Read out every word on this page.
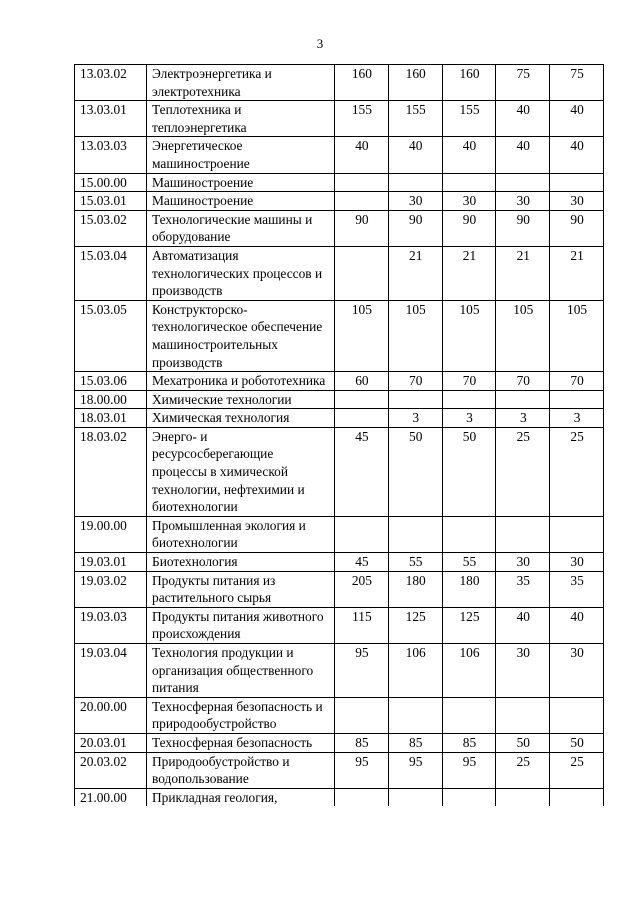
3
13.03.02	Электроэнергетика и электротехника	160	160	160	75	75
13.03.01	Теплотехника и теплоэнергетика	155	155	155	40	40
13.03.03	Энергетическое машиностроение	40	40	40	40	40
15.00.00	Машиностроение					
15.03.01	Машиностроение		30	30	30	30
15.03.02	Технологические машины и оборудование	90	90	90	90	90
15.03.04	Автоматизация технологических процессов и производств		21	21	21	21
15.03.05	Конструкторско-технологическое обеспечение машиностроительных производств	105	105	105	105	105
15.03.06	Мехатроника и робототехника	60	70	70	70	70
18.00.00	Химические технологии					
18.03.01	Химическая технология		3	3	3	3
18.03.02	Энерго- и ресурсосберегающие процессы в химической технологии, нефтехимии и биотехнологии	45	50	50	25	25
19.00.00	Промышленная экология и биотехнологии					
19.03.01	Биотехнология	45	55	55	30	30
19.03.02	Продукты питания из растительного сырья	205	180	180	35	35
19.03.03	Продукты питания животного происхождения	115	125	125	40	40
19.03.04	Технология продукции и организация общественного питания	95	106	106	30	30
20.00.00	Техносферная безопасность и природообустройство					
20.03.01	Техносферная безопасность	85	85	85	50	50
20.03.02	Природообустройство и водопользование	95	95	95	25	25
21.00.00	Прикладная геология,					
